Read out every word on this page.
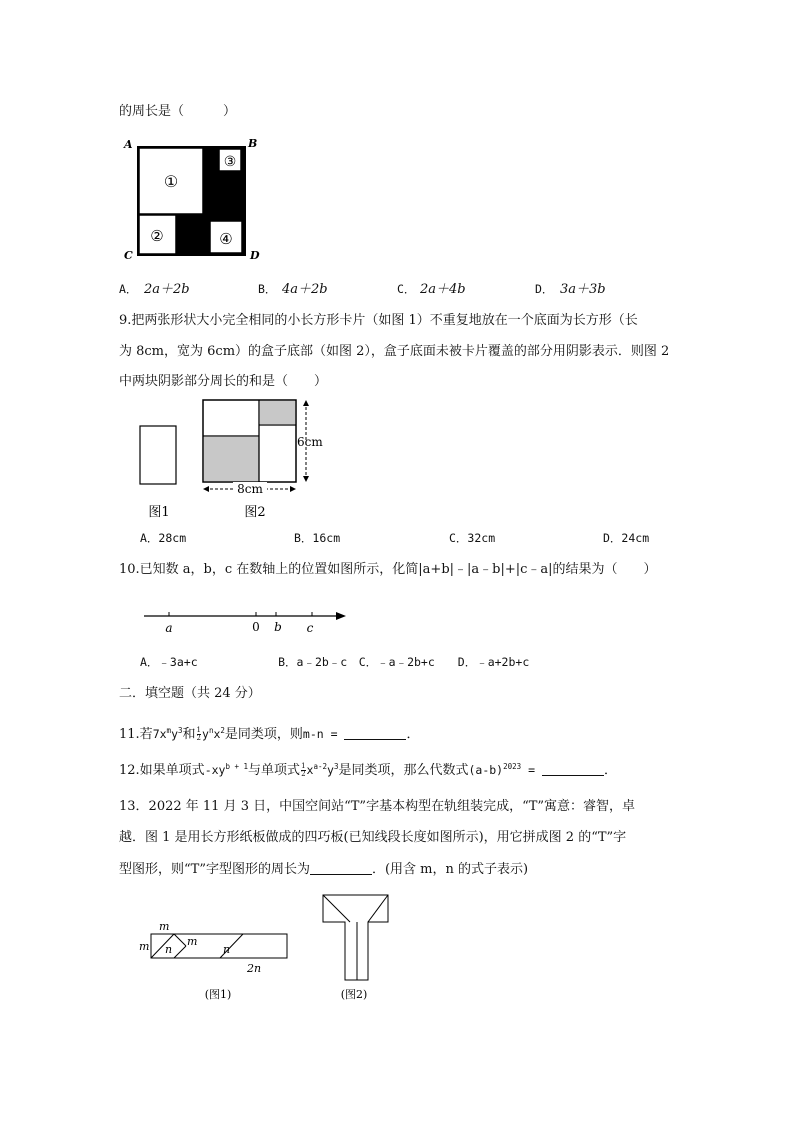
的周长是（　　　）
A	B
C	D
①
②
③
④
A． 2a＋2b	B． 4a＋2b	C． 2a＋4b	D． 3a＋3b
9.把两张形状大小完全相同的小长方形卡片（如图 1）不重复地放在一个底面为长方形（长
为 8cm，宽为 6cm）的盒子底部（如图 2），盒子底面未被卡片覆盖的部分用阴影表示．则图 2
中两块阴影部分周长的和是（　　）
图1
6cm
8cm
图2
A．28cm	B．16cm	C．32cm	D．24cm
10.已知数 a，b，c 在数轴上的位置如图所示，化简|a+b|﹣|a﹣b|+|c﹣a|的结果为（　　）
a	0 b c
A．﹣3a+c　　　　　　　B．a﹣2b﹣c　C．﹣a﹣2b+c　　D．﹣a+2b+c
二．填空题（共 24 分）
11.若$7x^my^3$和 $\frac{1}{2} y^nx^2$是同类项，则m-n =	．
12.如果单项式$-xy^{b + 1}$与单项式 $\frac{1}{2} x^{a-2}y^3$是同类项，那么代数式$(a-b)^{2023}$ =	．
13．2022 年 11 月 3 日，中国空间站“T”字基本构型在轨组装完成，“T”寓意：睿智，卓
越．图 1 是用长方形纸板做成的四巧板(已知线段长度如图所示)，用它拼成图 2 的“T”字
型图形，则“T”字型图形的周长为	．(用含 m，n 的式子表示)
m
m n
m
n
2n
(图1)	(图2)
